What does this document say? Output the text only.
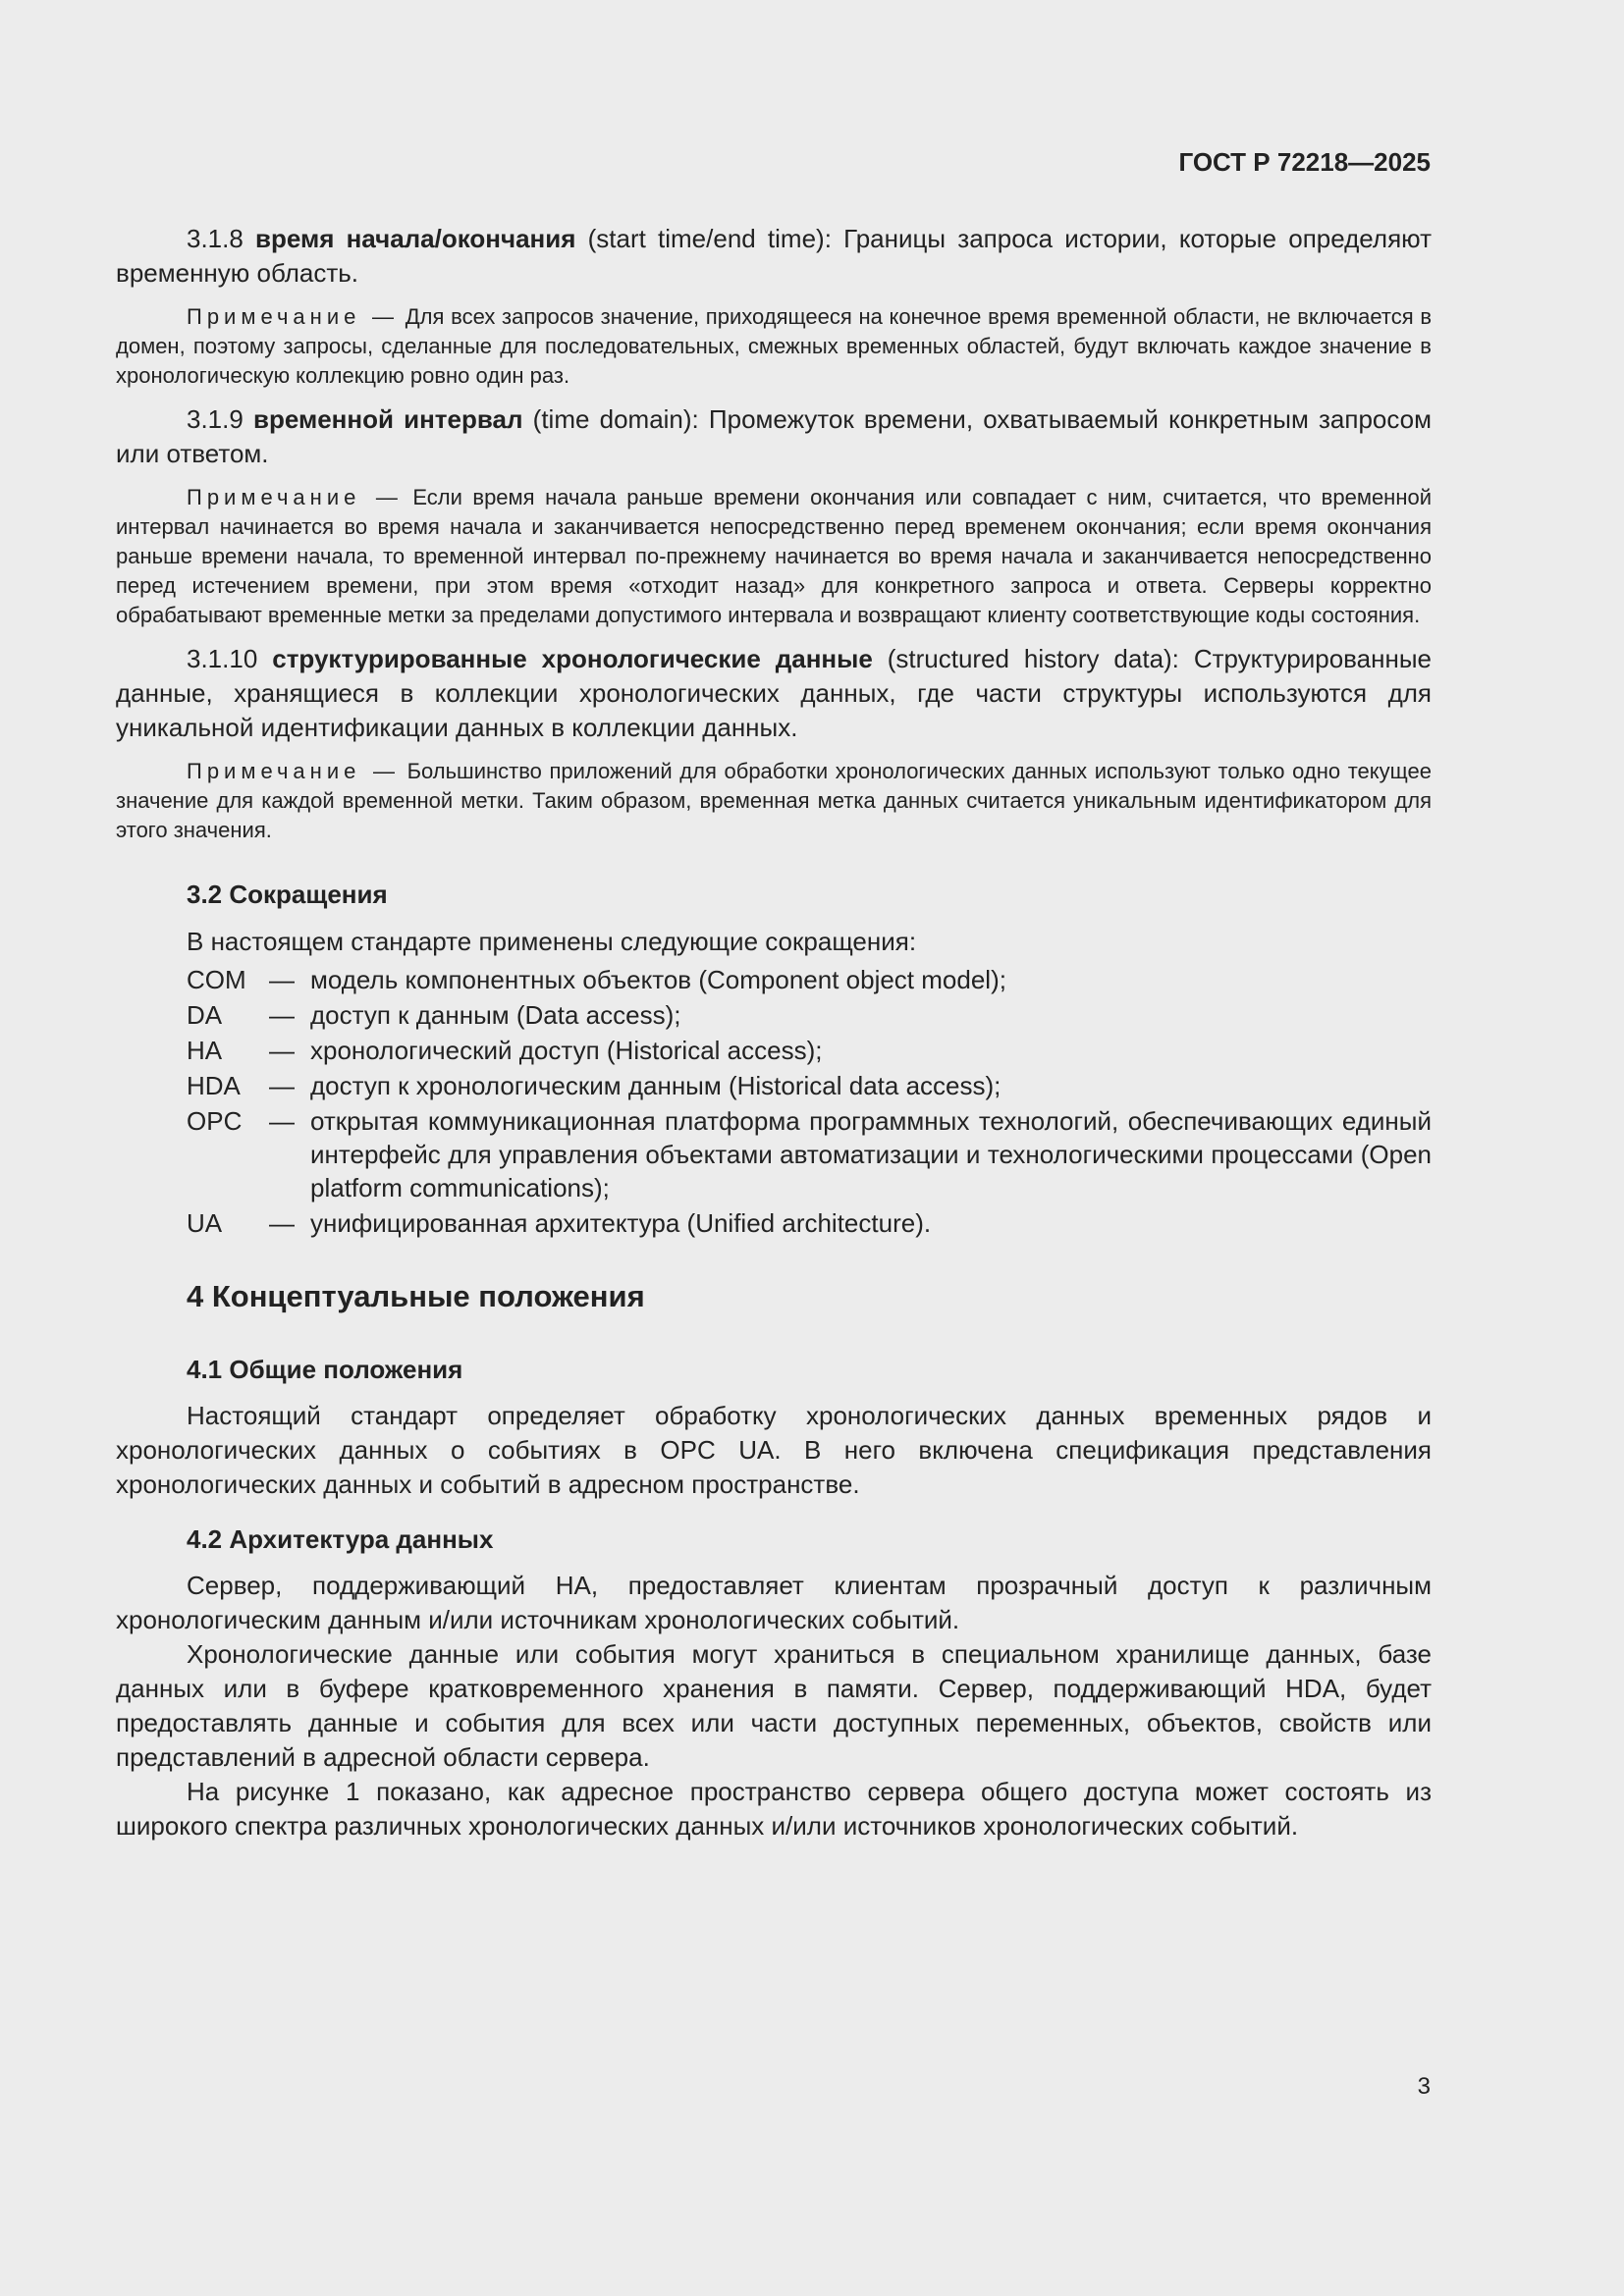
ГОСТ Р 72218—2025

3.1.8 время начала/окончания (start time/end time): Границы запроса истории, которые определяют временную область.

Примечание — Для всех запросов значение, приходящееся на конечное время временной области, не включается в домен, поэтому запросы, сделанные для последовательных, смежных временных областей, будут включать каждое значение в хронологическую коллекцию ровно один раз.

3.1.9 временной интервал (time domain): Промежуток времени, охватываемый конкретным запросом или ответом.

Примечание — Если время начала раньше времени окончания или совпадает с ним, считается, что временной интервал начинается во время начала и заканчивается непосредственно перед временем окончания; если время окончания раньше времени начала, то временной интервал по-прежнему начинается во время начала и заканчивается непосредственно перед истечением времени, при этом время «отходит назад» для конкретного запроса и ответа. Серверы корректно обрабатывают временные метки за пределами допустимого интервала и возвращают клиенту соответствующие коды состояния.

3.1.10 структурированные хронологические данные (structured history data): Структурированные данные, хранящиеся в коллекции хронологических данных, где части структуры используются для уникальной идентификации данных в коллекции данных.

Примечание — Большинство приложений для обработки хронологических данных используют только одно текущее значение для каждой временной метки. Таким образом, временная метка данных считается уникальным идентификатором для этого значения.

3.2 Сокращения
В настоящем стандарте применены следующие сокращения:
COM — модель компонентных объектов (Component object model);
DA	— доступ к данным (Data access);
HA	— хронологический доступ (Historical access);
HDA	— доступ к хронологическим данным (Historical data access);
OPC	— открытая коммуникационная платформа программных технологий, обеспечивающих единый интерфейс для управления объектами автоматизации и технологическими процессами (Open platform communications);
UA	— унифицированная архитектура (Unified architecture).
4 Концептуальные положения
4.1 Общие положения

Настоящий стандарт определяет обработку хронологических данных временных рядов и хронологических данных о событиях в OPC UA. В него включена спецификация представления хронологических данных и событий в адресном пространстве.

4.2 Архитектура данных

Сервер, поддерживающий HA, предоставляет клиентам прозрачный доступ к различным хронологическим данным и/или источникам хронологических событий.

Хронологические данные или события могут храниться в специальном хранилище данных, базе данных или в буфере кратковременного хранения в памяти. Сервер, поддерживающий HDA, будет предоставлять данные и события для всех или части доступных переменных, объектов, свойств или представлений в адресной области сервера.

На рисунке 1 показано, как адресное пространство сервера общего доступа может состоять из широкого спектра различных хронологических данных и/или источников хронологических событий.

3
